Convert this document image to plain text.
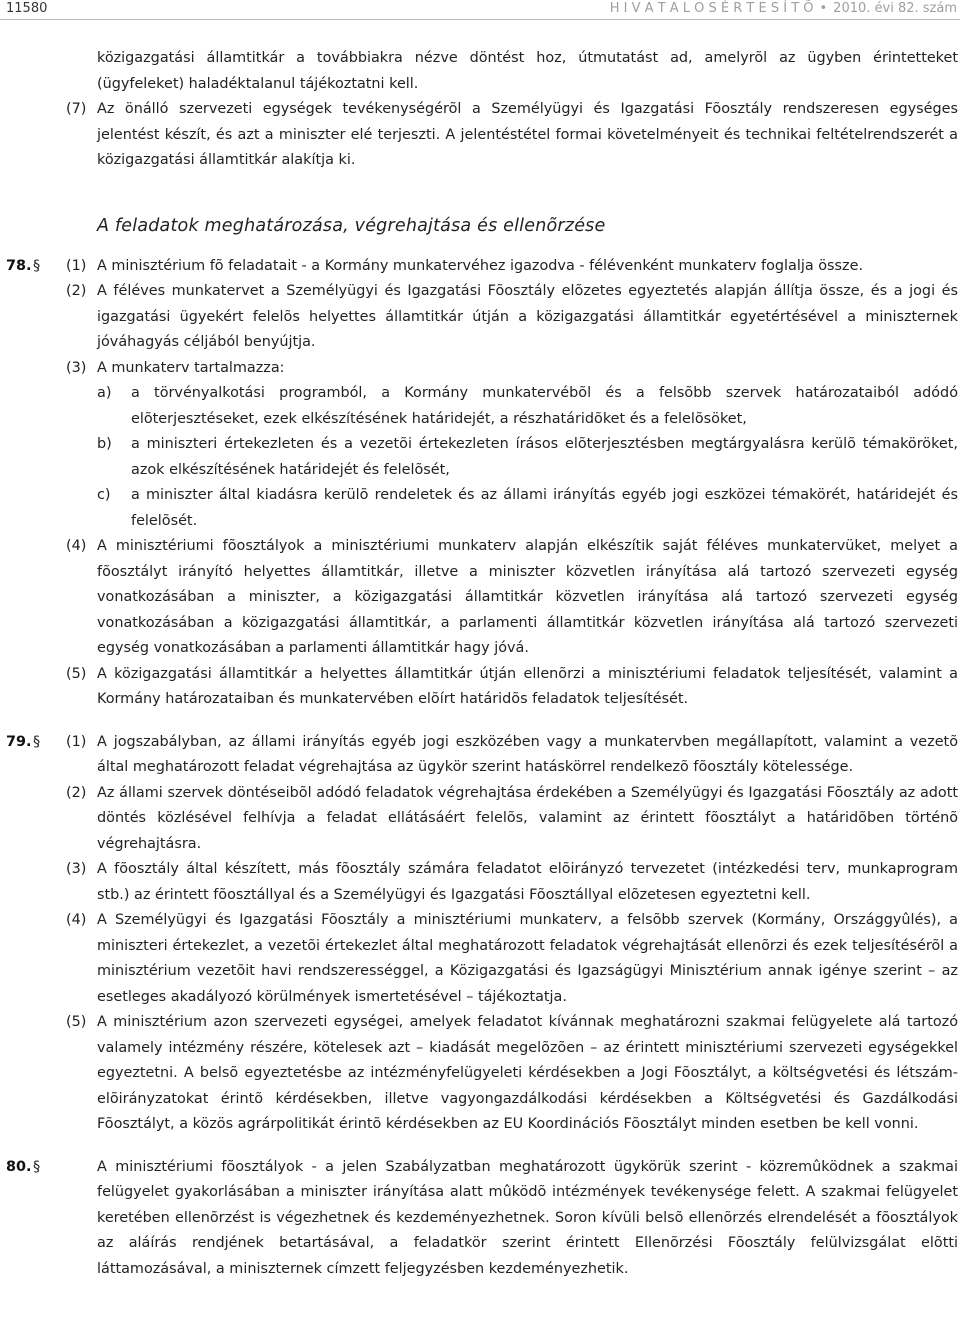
11580	H I V A T A L O S É R T E S Í T Õ • 2010. évi 82. szám

közigazgatási államtitkár a továbbiakra nézve döntést hoz, útmutatást ad, amelyrõl az ügyben érintetteket (ügyfeleket) haladéktalanul tájékoztatni kell.

(7) Az önálló szervezeti egységek tevékenységérõl a Személyügyi és Igazgatási Fõosztály rendszeresen egységes jelentést készít, és azt a miniszter elé terjeszti. A jelentéstétel formai követelményeit és technikai feltételrendszerét a közigazgatási államtitkár alakítja ki.
A feladatok meghatározása, végrehajtása és ellenõrzése
78. § (1) A minisztérium fõ feladatait - a Kormány munkatervéhez igazodva - félévenként munkaterv foglalja össze.
(2) A féléves munkatervet a Személyügyi és Igazgatási Fõosztály elõzetes egyeztetés alapján állítja össze, és a jogi és igazgatási ügyekért felelõs helyettes államtitkár útján a közigazgatási államtitkár egyetértésével a miniszternek jóváhagyás céljából benyújtja.
(3) A munkaterv tartalmazza:
a) a törvényalkotási programból, a Kormány munkatervébõl és a felsõbb szervek határozataiból adódó elõterjesztéseket, ezek elkészítésének határidejét, a részhatáridõket és a felelõsöket,
b) a miniszteri értekezleten és a vezetõi értekezleten írásos elõterjesztésben megtárgyalásra kerülõ témaköröket, azok elkészítésének határidejét és felelõsét,
c) a miniszter által kiadásra kerülõ rendeletek és az állami irányítás egyéb jogi eszközei témakörét, határidejét és felelõsét.
(4) A minisztériumi fõosztályok a minisztériumi munkaterv alapján elkészítik saját féléves munkatervüket, melyet a fõosztályt irányító helyettes államtitkár, illetve a miniszter közvetlen irányítása alá tartozó szervezeti egység vonatkozásában a miniszter, a közigazgatási államtitkár közvetlen irányítása alá tartozó szervezeti egység vonatkozásában a közigazgatási államtitkár, a parlamenti államtitkár közvetlen irányítása alá tartozó szervezeti egység vonatkozásában a parlamenti államtitkár hagy jóvá.
(5) A közigazgatási államtitkár a helyettes államtitkár útján ellenõrzi a minisztériumi feladatok teljesítését, valamint a Kormány határozataiban és munkatervében elõírt határidõs feladatok teljesítését.
79. § (1) A jogszabályban, az állami irányítás egyéb jogi eszközében vagy a munkatervben megállapított, valamint a vezetõ által meghatározott feladat végrehajtása az ügykör szerint hatáskörrel rendelkezõ fõosztály kötelessége.
(2) Az állami szervek döntéseibõl adódó feladatok végrehajtása érdekében a Személyügyi és Igazgatási Fõosztály az adott döntés közlésével felhívja a feladat ellátásáért felelõs, valamint az érintett fõosztályt a határidõben történõ végrehajtásra.
(3) A fõosztály által készített, más fõosztály számára feladatot elõirányzó tervezetet (intézkedési terv, munkaprogram stb.) az érintett fõosztállyal és a Személyügyi és Igazgatási Fõosztállyal elõzetesen egyeztetni kell.
(4) A Személyügyi és Igazgatási Fõosztály a minisztériumi munkaterv, a felsõbb szervek (Kormány, Országgyûlés), a miniszteri értekezlet, a vezetõi értekezlet által meghatározott feladatok végrehajtását ellenõrzi és ezek teljesítésérõl a minisztérium vezetõit havi rendszerességgel, a Közigazgatási és Igazságügyi Minisztérium annak igénye szerint – az esetleges akadályozó körülmények ismertetésével – tájékoztatja.
(5) A minisztérium azon szervezeti egységei, amelyek feladatot kívánnak meghatározni szakmai felügyelete alá tartozó valamely intézmény részére, kötelesek azt – kiadását megelõzõen – az érintett minisztériumi szervezeti egységekkel egyeztetni. A belsõ egyeztetésbe az intézményfelügyeleti kérdésekben a Jogi Fõosztályt, a költségvetési és létszám-elõirányzatokat érintõ kérdésekben, illetve vagyongazdálkodási kérdésekben a Költségvetési és Gazdálkodási Fõosztályt, a közös agrárpolitikát érintõ kérdésekben az EU Koordinációs Fõosztályt minden esetben be kell vonni.
80. §	A minisztériumi fõosztályok - a jelen Szabályzatban meghatározott ügykörük szerint - közremûködnek a szakmai felügyelet gyakorlásában a miniszter irányítása alatt mûködõ intézmények tevékenysége felett. A szakmai felügyelet keretében ellenõrzést is végezhetnek és kezdeményezhetnek. Soron kívüli belsõ ellenõrzés elrendelését a fõosztályok az aláírás rendjének betartásával, a feladatkör szerint érintett Ellenõrzési Fõosztály felülvizsgálat elõtti láttamozásával, a miniszternek címzett feljegyzésben kezdeményezhetik.
